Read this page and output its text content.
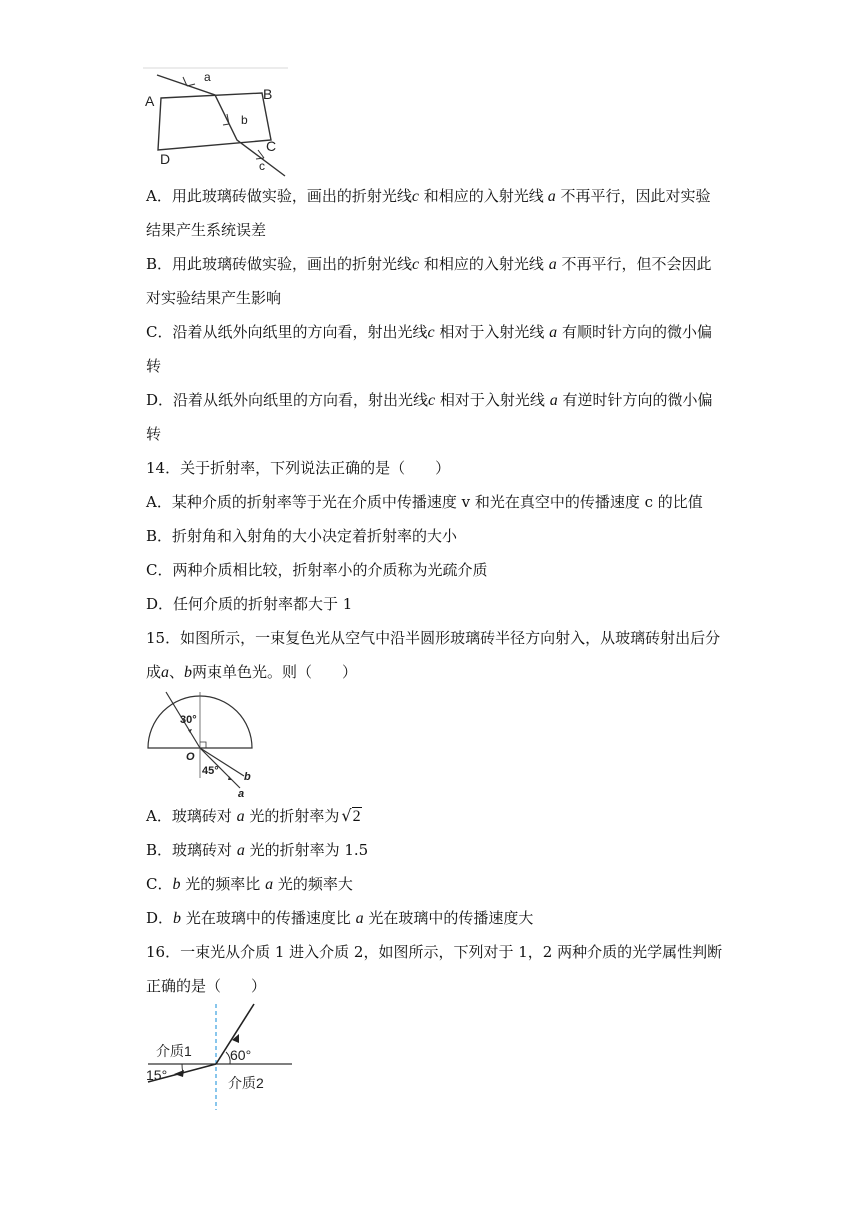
A	B
C
D
a
b
c
A．用此玻璃砖做实验，画出的折射光线c 和相应的入射光线 a 不再平行，因此对实验
结果产生系统误差
B．用此玻璃砖做实验，画出的折射光线c 和相应的入射光线 a 不再平行，但不会因此
对实验结果产生影响
C．沿着从纸外向纸里的方向看，射出光线c 相对于入射光线 a 有顺时针方向的微小偏
转
D．沿着从纸外向纸里的方向看，射出光线c 相对于入射光线 a 有逆时针方向的微小偏
转
14．关于折射率，下列说法正确的是（　　）
A．某种介质的折射率等于光在介质中传播速度 v 和光在真空中的传播速度 c 的比值
B．折射角和入射角的大小决定着折射率的大小
C．两种介质相比较，折射率小的介质称为光疏介质
D．任何介质的折射率都大于 1
15．如图所示，一束复色光从空气中沿半圆形玻璃砖半径方向射入，从玻璃砖射出后分
成a、b两束单色光。则（　　）
30°
45°
O
a
b
A．玻璃砖对 a 光的折射率为 √2
B．玻璃砖对 a 光的折射率为 1.5
C．b 光的频率比 a 光的频率大
D．b 光在玻璃中的传播速度比 a 光在玻璃中的传播速度大
16．一束光从介质 1 进入介质 2，如图所示，下列对于 1，2 两种介质的光学属性判断
正确的是（　　）
介质1
介质2
60°
15°
